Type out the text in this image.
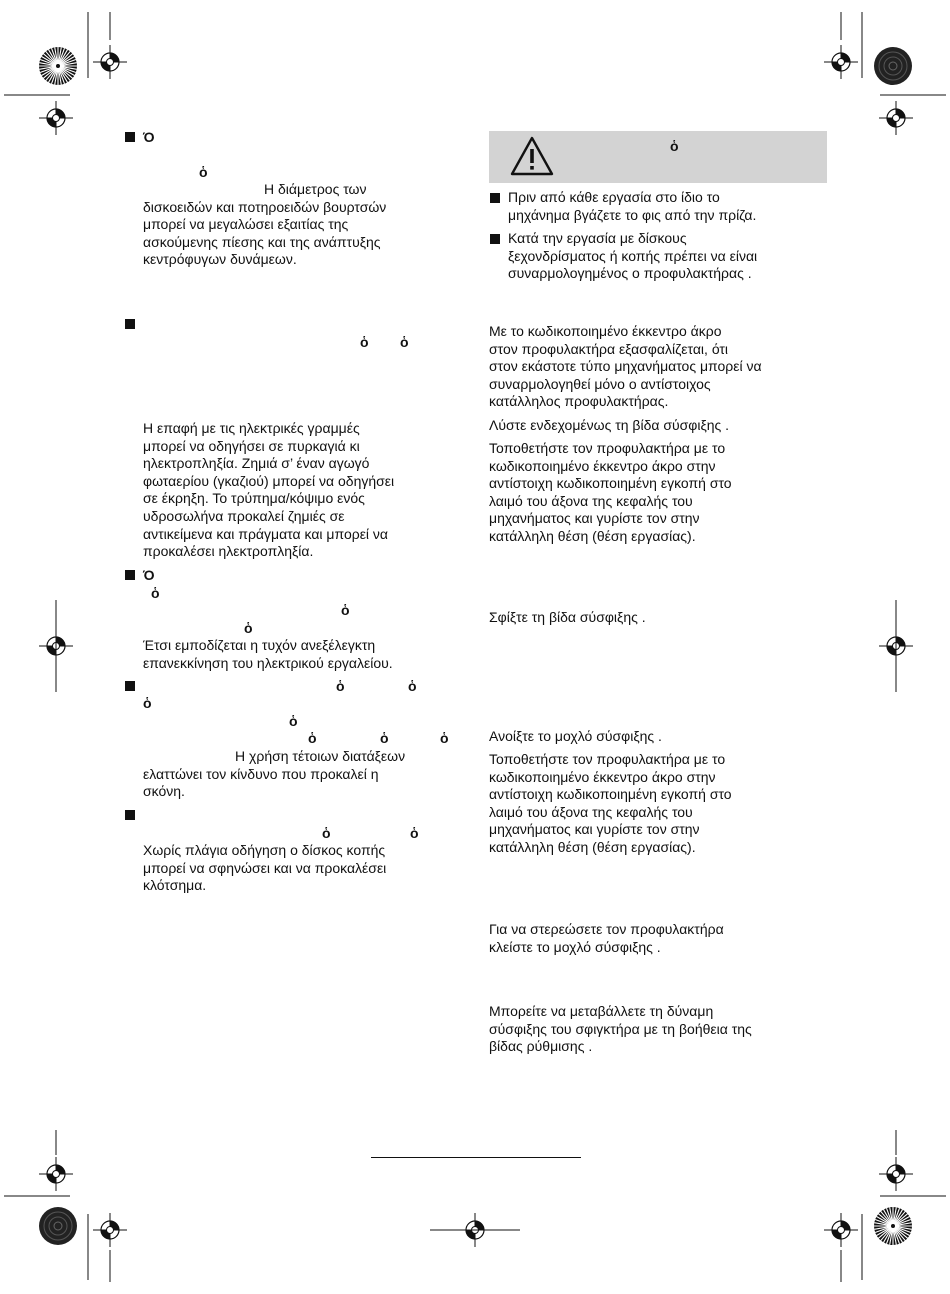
Ό
ὁ
Η διάμετρος των
δισκοειδών και ποτηροειδών βουρτσών
μπορεί να μεγαλώσει εξαιτίας της
ασκούμενης πίεσης και της ανάπτυξης
κεντρόφυγων δυνάμεων.
ὁ ὁ
Η επαφή με τις ηλεκτρικές γραμμές
μπορεί να οδηγήσει σε πυρκαγιά κι
ηλεκτροπληξία. Ζημιά σ’ έναν αγωγό
φωταερίου (γκαζιού) μπορεί να οδηγήσει
σε έκρηξη. Το τρύπημα/κόψιμο ενός
υδροσωλήνα προκαλεί ζημιές σε
αντικείμενα και πράγματα και μπορεί να
προκαλέσει ηλεκτροπληξία.
Ό
ὁ
ὁ
ὁ
Έτσι εμποδίζεται η τυχόν ανεξέλεγκτη
επανεκκίνηση του ηλεκτρικού εργαλείου.
ὁ	ὁ
ὁ
ὁ
ὁ	ὁ	ὁ
Η χρήση τέτοιων διατάξεων
ελαττώνει τον κίνδυνο που προκαλεί η
σκόνη.
ὁ	ὁ
Χωρίς πλάγια οδήγηση ο δίσκος κοπής
μπορεί να σφηνώσει και να προκαλέσει
κλότσημα.
ὁ
Πριν από κάθε εργασία στο ίδιο το
μηχάνημα βγάζετε το φις από την πρίζα.
Κατά την εργασία με δίσκους
ξεχονδρίσματος ή κοπής πρέπει να είναι
συναρμολογημένος ο προφυλακτήρας .
Με το κωδικοποιημένο έκκεντρο άκρο
στον προφυλακτήρα εξασφαλίζεται, ότι
στον εκάστοτε τύπο μηχανήματος μπορεί να
συναρμολογηθεί μόνο ο αντίστοιχος
κατάλληλος προφυλακτήρας.
Λύστε ενδεχομένως τη βίδα σύσφιξης .
Τοποθετήστε τον προφυλακτήρα με το
κωδικοποιημένο έκκεντρο άκρο στην
αντίστοιχη κωδικοποιημένη εγκοπή στο
λαιμό του άξονα της κεφαλής του
μηχανήματος και γυρίστε τον στην
κατάλληλη θέση (θέση εργασίας).
Σφίξτε τη βίδα σύσφιξης .
Ανοίξτε το μοχλό σύσφιξης .
Τοποθετήστε τον προφυλακτήρα με το
κωδικοποιημένο έκκεντρο άκρο στην
αντίστοιχη κωδικοποιημένη εγκοπή στο
λαιμό του άξονα της κεφαλής του
μηχανήματος και γυρίστε τον στην
κατάλληλη θέση (θέση εργασίας).
Για να στερεώσετε τον προφυλακτήρα
κλείστε το μοχλό σύσφιξης .
Μπορείτε να μεταβάλλετε τη δύναμη
σύσφιξης του σφιγκτήρα με τη βοήθεια της
βίδας ρύθμισης .
